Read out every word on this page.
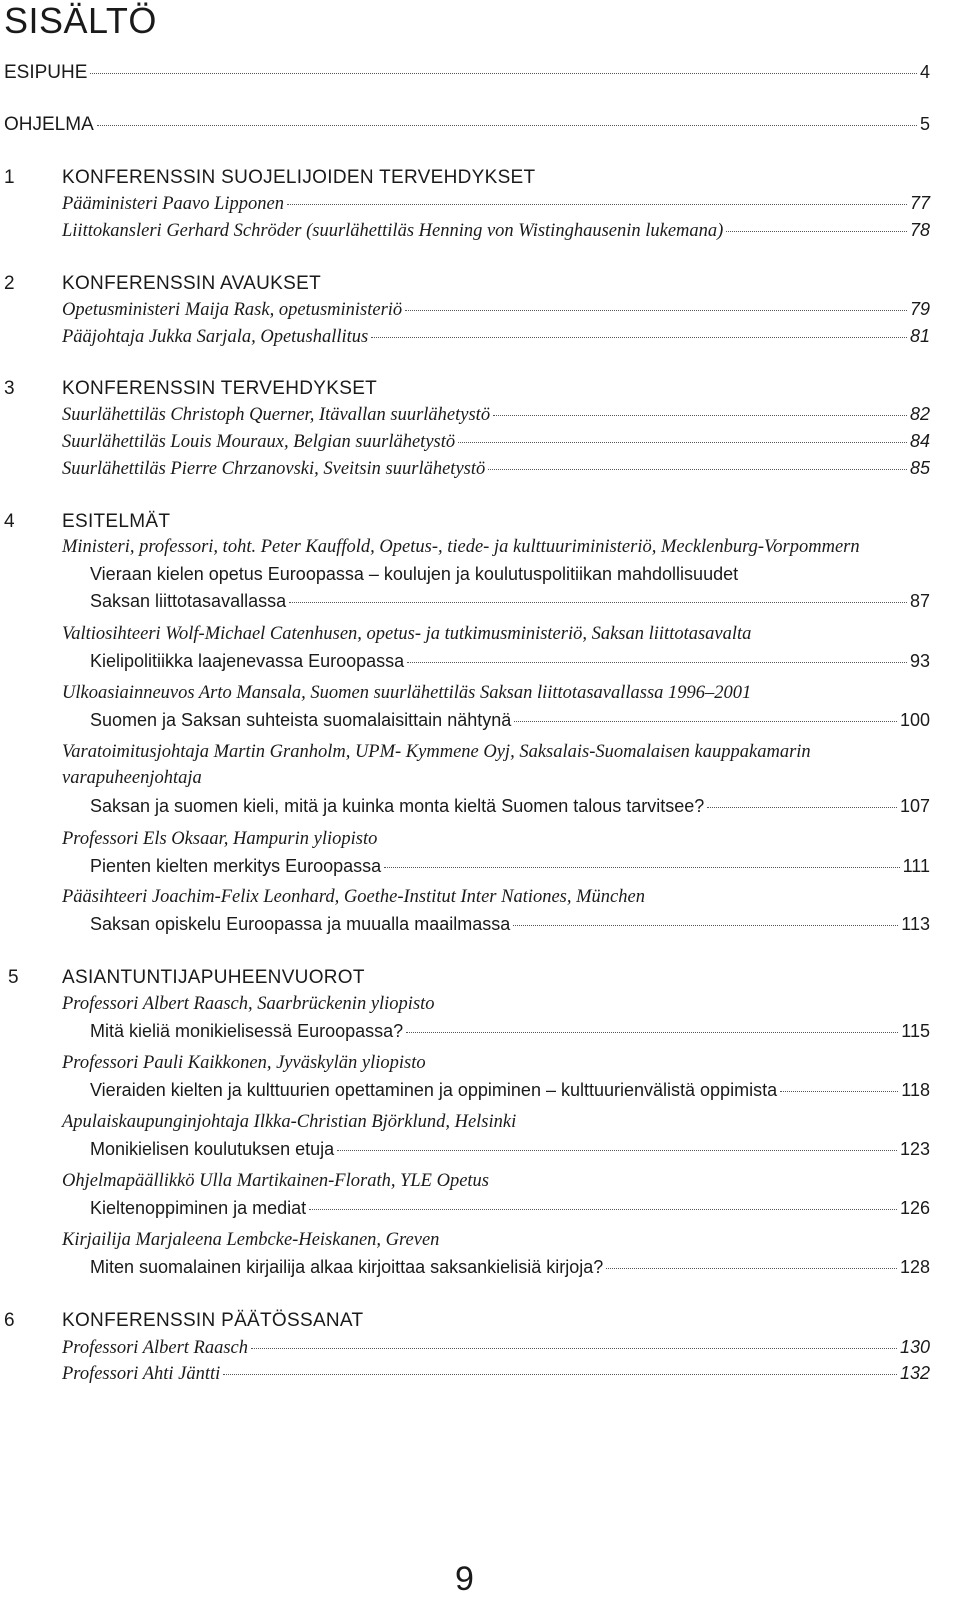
SISÄLTÖ
ESIPUHE	4
OHJELMA	5
1 KONFERENSSIN SUOJELIJOIDEN TERVEHDYKSET
Pääministeri Paavo Lipponen	77
Liittokansleri Gerhard Schröder (suurlähettiläs Henning von Wistinghausenin lukemana)	78
2 KONFERENSSIN AVAUKSET
Opetusministeri Maija Rask, opetusministeriö	79
Pääjohtaja Jukka Sarjala, Opetushallitus	81
3 KONFERENSSIN TERVEHDYKSET
Suurlähettiläs Christoph Querner, Itävallan suurlähetystö	82
Suurlähettiläs Louis Mouraux, Belgian suurlähetystö	84
Suurlähettiläs Pierre Chrzanovski, Sveitsin suurlähetystö	85
4 ESITELMÄT
Ministeri, professori, toht. Peter Kauffold, Opetus-, tiede- ja kulttuuriministeriö, Mecklenburg-Vorpommern
Vieraan kielen opetus Euroopassa – koulujen ja koulutuspolitiikan mahdollisuudet
Saksan liittotasavallassa	87
Valtiosihteeri Wolf-Michael Catenhusen, opetus- ja tutkimusministeriö, Saksan liittotasavalta
Kielipolitiikka laajenevassa Euroopassa	93
Ulkoasiainneuvos Arto Mansala, Suomen suurlähettiläs Saksan liittotasavallassa 1996–2001
Suomen ja Saksan suhteista suomalaisittain nähtynä	100
Varatoimitusjohtaja Martin Granholm, UPM- Kymmene Oyj, Saksalais-Suomalaisen kauppakamarin
varapuheenjohtaja
Saksan ja suomen kieli, mitä ja kuinka monta kieltä Suomen talous tarvitsee?	107
Professori Els Oksaar, Hampurin yliopisto
Pienten kielten merkitys Euroopassa	111
Pääsihteeri Joachim-Felix Leonhard, Goethe-Institut Inter Nationes, München
Saksan opiskelu Euroopassa ja muualla maailmassa	113
5 ASIANTUNTIJAPUHEENVUOROT
Professori Albert Raasch, Saarbrückenin yliopisto
Mitä kieliä monikielisessä Euroopassa?	115
Professori Pauli Kaikkonen, Jyväskylän yliopisto
Vieraiden kielten ja kulttuurien opettaminen ja oppiminen – kulttuurienvälistä oppimista	118
Apulaiskaupunginjohtaja Ilkka-Christian Björklund, Helsinki
Monikielisen koulutuksen etuja	123
Ohjelmapäällikkö Ulla Martikainen-Florath, YLE Opetus
Kieltenoppiminen ja mediat	126
Kirjailija Marjaleena Lembcke-Heiskanen, Greven
Miten suomalainen kirjailija alkaa kirjoittaa saksankielisiä kirjoja?	128
6 KONFERENSSIN PÄÄTÖSSANAT
Professori Albert Raasch	130
Professori Ahti Jäntti	132
9
